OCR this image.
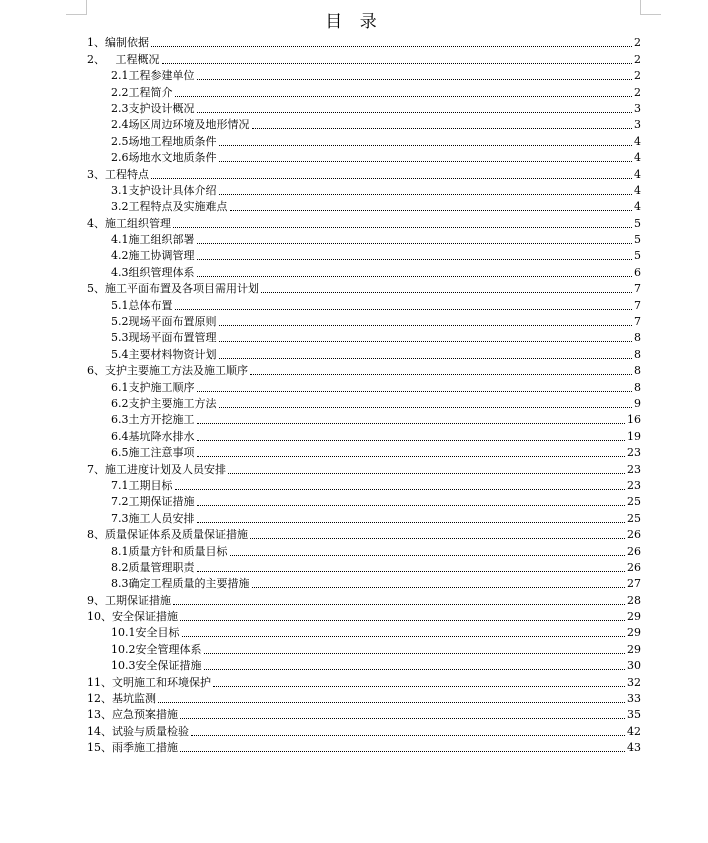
目 录
1、 编制依据	2
2、 工程概况	2
2.1 工程参建单位	2
2.2 工程简介	2
2.3 支护设计概况	3
2.4 场区周边环境及地形情况	3
2.5 场地工程地质条件	4
2.6 场地水文地质条件	4
3、 工程特点	4
3.1 支护设计具体介绍	4
3.2 工程特点及实施难点	4
4、 施工组织管理	5
4.1 施工组织部署	5
4.2 施工协调管理	5
4.3 组织管理体系	6
5、 施工平面布置及各项目需用计划	7
5.1 总体布置	7
5.2 现场平面布置原则	7
5.3 现场平面布置管理	8
5.4 主要材料物资计划	8
6、 支护主要施工方法及施工顺序	8
6.1 支护施工顺序	8
6.2 支护主要施工方法	9
6.3 土方开挖施工	16
6.4 基坑降水排水	19
6.5 施工注意事项	23
7、 施工进度计划及人员安排	23
7.1 工期目标	23
7.2 工期保证措施	25
7.3 施工人员安排	25
8、 质量保证体系及质量保证措施	26
8.1 质量方针和质量目标	26
8.2 质量管理职责	26
8.3 确定工程质量的主要措施	27
9、 工期保证措施	28
10、 安全保证措施	29
10.1 安全目标	29
10.2 安全管理体系	29
10.3 安全保证措施	30
11、 文明施工和环境保护	32
12、 基坑监测	33
13、 应急预案措施	35
14、 试验与质量检验	42
15、 雨季施工措施	43
